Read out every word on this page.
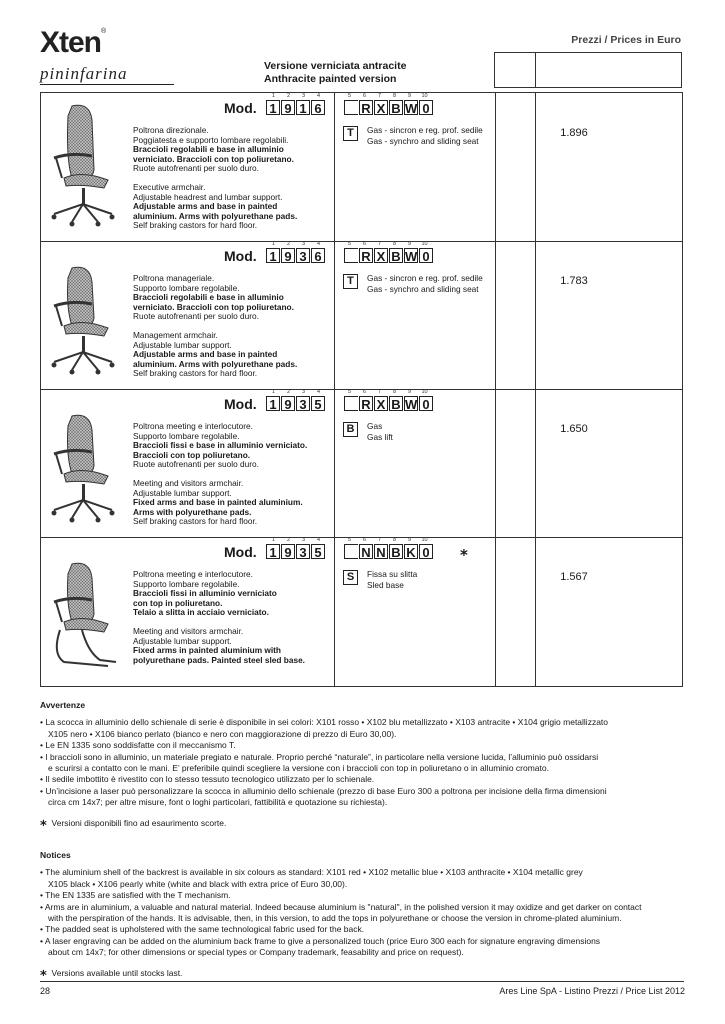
Xten®
pininfarina
Prezzi / Prices in Euro
Versione verniciata antracite
Anthracite painted version
1	2	3	4
Mod. 1 9 1 6
5	6	7	8	9	10
R X B W 0
Poltrona direzionale.
Poggiatesta e supporto lombare regolabili.
Braccioli regolabili e base in alluminio
verniciato. Braccioli con top poliuretano.
Ruote autofrenanti per suolo duro.
Executive armchair.
Adjustable headrest and lumbar support.
Adjustable arms and base in painted
aluminium. Arms with polyurethane pads.
Self braking castors for hard floor.
T	Gas - sincron e reg. prof. sedile
Gas - synchro and sliding seat
1.896
1	2	3	4
Mod. 1 9 3 6
5	6	7	8	9	10
R X B W 0
Poltrona manageriale.
Supporto lombare regolabile.
Braccioli regolabili e base in alluminio
verniciato. Braccioli con top poliuretano.
Ruote autofrenanti per suolo duro.
Management armchair.
Adjustable lumbar support.
Adjustable arms and base in painted
aluminium. Arms with polyurethane pads.
Self braking castors for hard floor.
T	Gas - sincron e reg. prof. sedile
Gas - synchro and sliding seat
1.783
1	2	3	4
Mod. 1 9 3 5
5	6	7	8	9	10
R X B W 0
Poltrona meeting e interlocutore.
Supporto lombare regolabile.
Braccioli fissi e base in alluminio verniciato.
Braccioli con top poliuretano.
Ruote autofrenanti per suolo duro.
Meeting and visitors armchair.
Adjustable lumbar support.
Fixed arms and base in painted aluminium.
Arms with polyurethane pads.
Self braking castors for hard floor.
B	Gas
Gas lift
1.650
1	2	3	4
Mod. 1 9 3 5
5	6	7	8	9	10
N N B K 0 ⁎
Poltrona meeting e interlocutore.
Supporto lombare regolabile.
Braccioli fissi in alluminio verniciato
con top in poliuretano.
Telaio a slitta in acciaio verniciato.
Meeting and visitors armchair.
Adjustable lumbar support.
Fixed arms in painted aluminium with
polyurethane pads. Painted steel sled base.
S	Fissa su slitta
Sled base
1.567
Avvertenze

• La scocca in alluminio dello schienale di serie è disponibile in sei colori: X101 rosso • X102 blu metallizzato • X103 antracite • X104 grigio metallizzato

X105 nero • X106 bianco perlato (bianco e nero con maggiorazione di prezzo di Euro 30,00).

• Le EN 1335 sono soddisfatte con il meccanismo T.

• I braccioli sono in alluminio, un materiale pregiato e naturale. Proprio perché “naturale”, in particolare nella versione lucida, l’alluminio può ossidarsi

e scurirsi a contatto con le mani. E’ preferibile quindi scegliere la versione con i braccioli con top in poliuretano o in alluminio cromato.

• Il sedile imbottito è rivestito con lo stesso tessuto tecnologico utilizzato per lo schienale.

• Un’incisione a laser può personalizzare la scocca in alluminio dello schienale (prezzo di base Euro 300 a poltrona per incisione della firma dimensioni

circa cm 14x7; per altre misure, font o loghi particolari, fattibilità e quotazione su richiesta).

⁎ Versioni disponibili fino ad esaurimento scorte.

Notices

• The aluminium shell of the backrest is available in six colours as standard: X101 red • X102 metallic blue • X103 anthracite • X104 metallic grey

X105 black • X106 pearly white (white and black with extra price of Euro 30,00).

• The EN 1335 are satisfied with the T mechanism.

• Arms are in aluminium, a valuable and natural material. Indeed because aluminium is "natural", in the polished version it may oxidize and get darker on contact

with the perspiration of the hands. It is advisable, then, in this version, to add the tops in polyurethane or choose the version in chrome-plated aluminium.

• The padded seat is upholstered with the same technological fabric used for the back.

• A laser engraving can be added on the aluminium back frame to give a personalized touch (price Euro 300 each for signature engraving dimensions

about cm 14x7; for other dimensions or special types or Company trademark, feasability and price on request).

⁎ Versions available until stocks last.

28	Ares Line SpA - Listino Prezzi / Price List 2012
